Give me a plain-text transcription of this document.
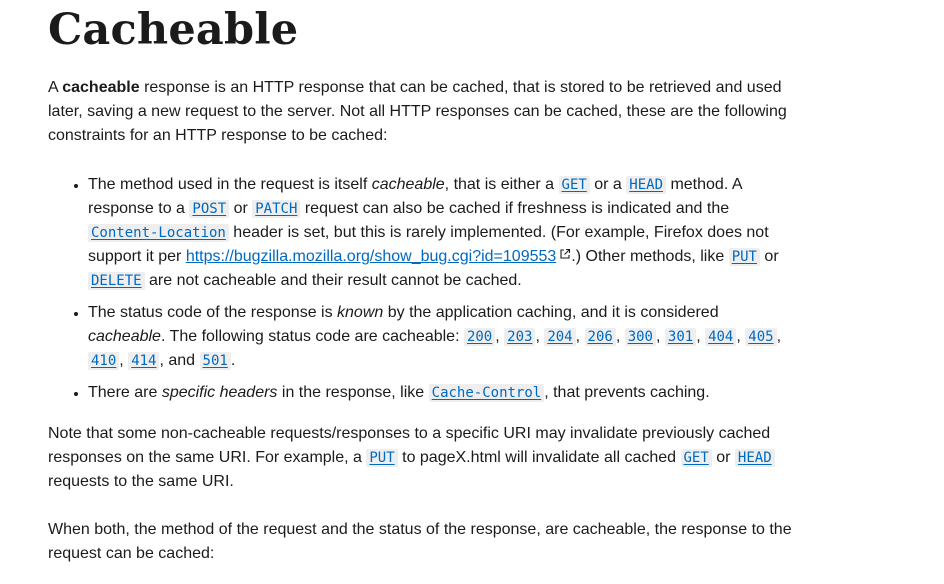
Cacheable

A cacheable response is an HTTP response that can be cached, that is stored to be retrieved and used later, saving a new request to the server. Not all HTTP responses can be cached, these are the following constraints for an HTTP response to be cached:

• The method used in the request is itself cacheable, that is either a GET or a HEAD method. A response to a POST or PATCH request can also be cached if freshness is indicated and the Content-Location header is set, but this is rarely implemented. (For example, Firefox does not support it per https://bugzilla.mozilla.org/show_bug.cgi?id=109553 .) Other methods, like PUT or DELETE are not cacheable and their result cannot be cached.
• The status code of the response is known by the application caching, and it is considered cacheable. The following status code are cacheable: 200 , 203 , 204 , 206 , 300 , 301 , 404 , 405 , 410 , 414 , and 501 .
• There are specific headers in the response, like Cache-Control , that prevents caching.

Note that some non-cacheable requests/responses to a specific URI may invalidate previously cached responses on the same URI. For example, a PUT to pageX.html will invalidate all cached GET or HEAD requests to the same URI.

When both, the method of the request and the status of the response, are cacheable, the response to the request can be cached:
